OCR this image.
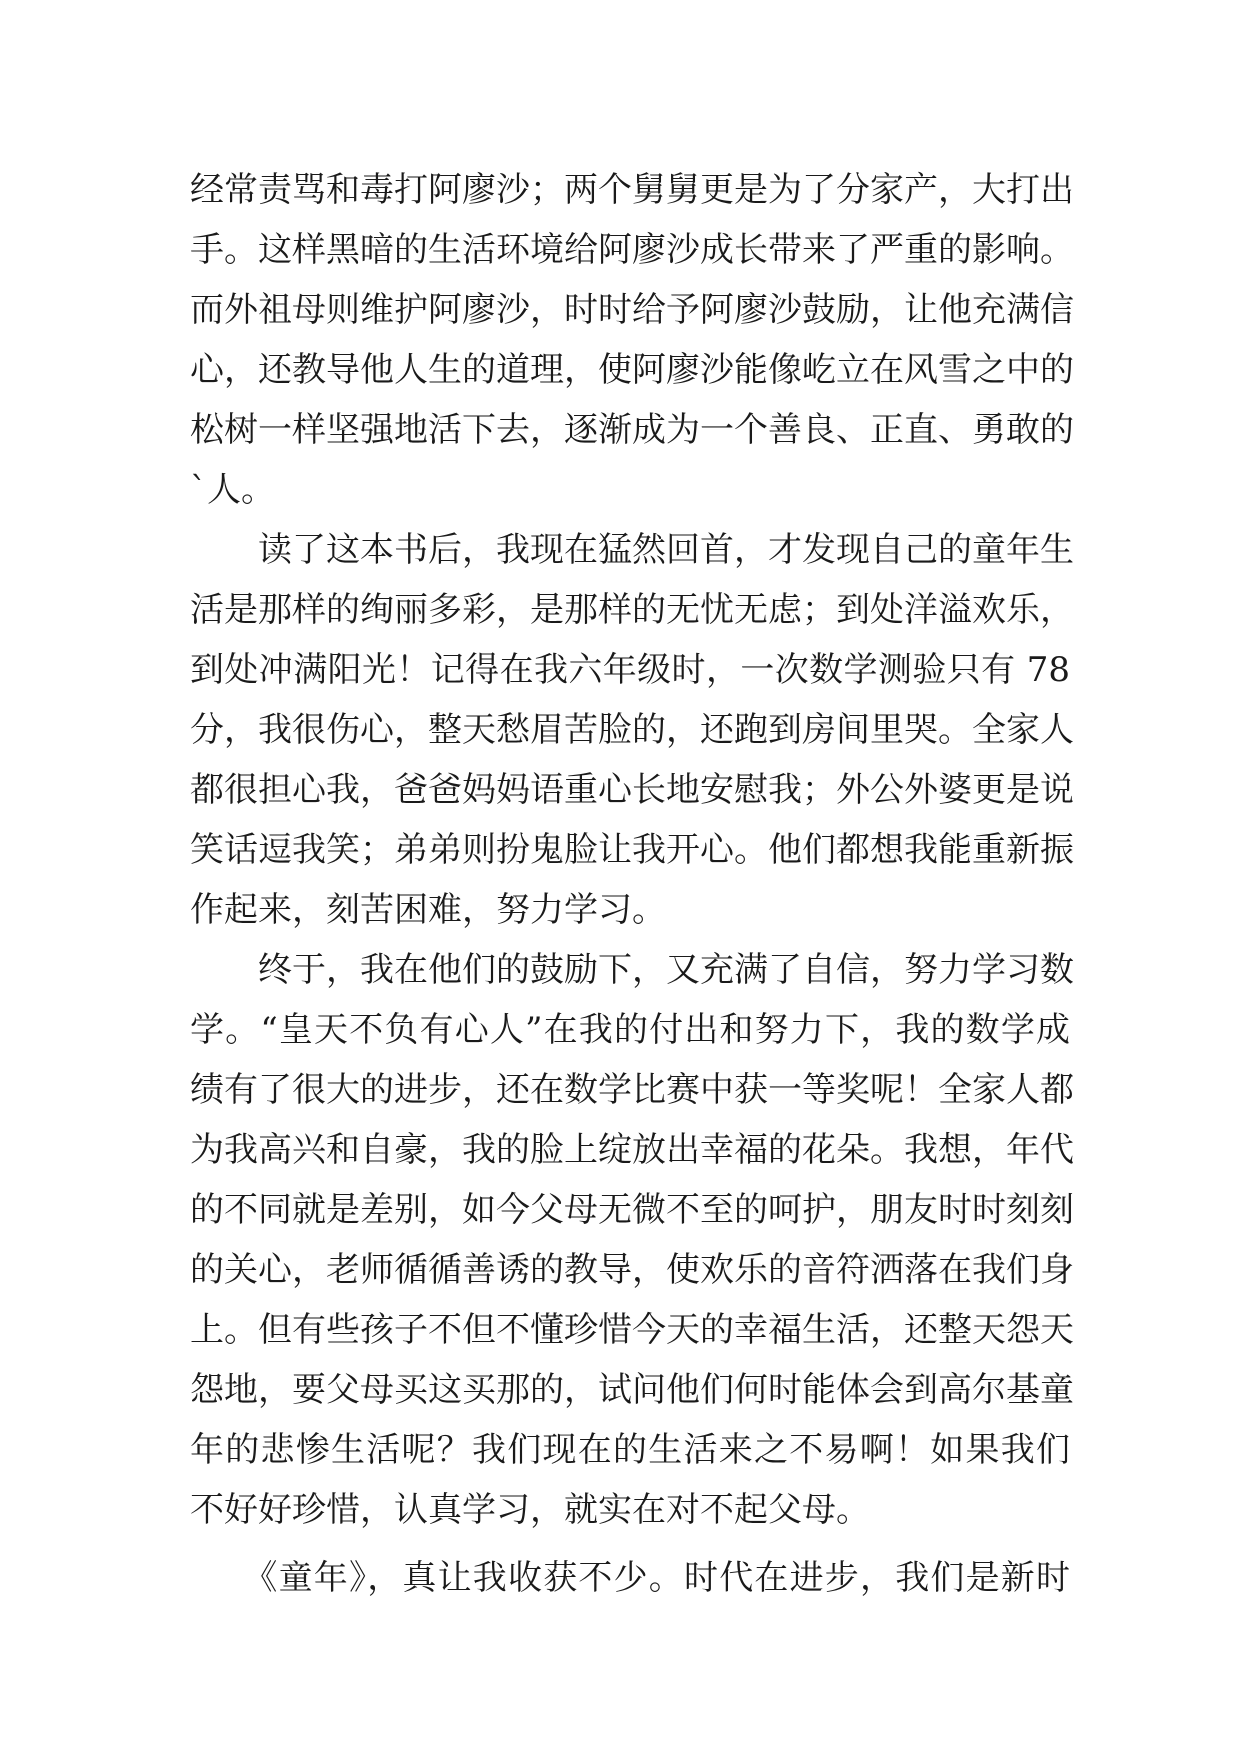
经常责骂和毒打阿廖沙；两个舅舅更是为了分家产，大打出
手。这样黑暗的生活环境给阿廖沙成长带来了严重的影响。
而外祖母则维护阿廖沙，时时给予阿廖沙鼓励，让他充满信
心，还教导他人生的道理，使阿廖沙能像屹立在风雪之中的
松树一样坚强地活下去，逐渐成为一个善良、正直、勇敢的
`人。
　　读了这本书后，我现在猛然回首，才发现自己的童年生
活是那样的绚丽多彩，是那样的无忧无虑；到处洋溢欢乐，
到处冲满阳光！记得在我六年级时，一次数学测验只有 78
分，我很伤心，整天愁眉苦脸的，还跑到房间里哭。全家人
都很担心我，爸爸妈妈语重心长地安慰我；外公外婆更是说
笑话逗我笑；弟弟则扮鬼脸让我开心。他们都想我能重新振
作起来，刻苦困难，努力学习。
　　终于，我在他们的鼓励下，又充满了自信，努力学习数
学。“皇天不负有心人”在我的付出和努力下，我的数学成
绩有了很大的进步，还在数学比赛中获一等奖呢！全家人都
为我高兴和自豪，我的脸上绽放出幸福的花朵。我想，年代
的不同就是差别，如今父母无微不至的呵护，朋友时时刻刻
的关心，老师循循善诱的教导，使欢乐的音符洒落在我们身
上。但有些孩子不但不懂珍惜今天的幸福生活，还整天怨天
怨地，要父母买这买那的，试问他们何时能体会到高尔基童
年的悲惨生活呢？我们现在的生活来之不易啊！如果我们
不好好珍惜，认真学习，就实在对不起父母。
　　《童年》，真让我收获不少。时代在进步，我们是新时
